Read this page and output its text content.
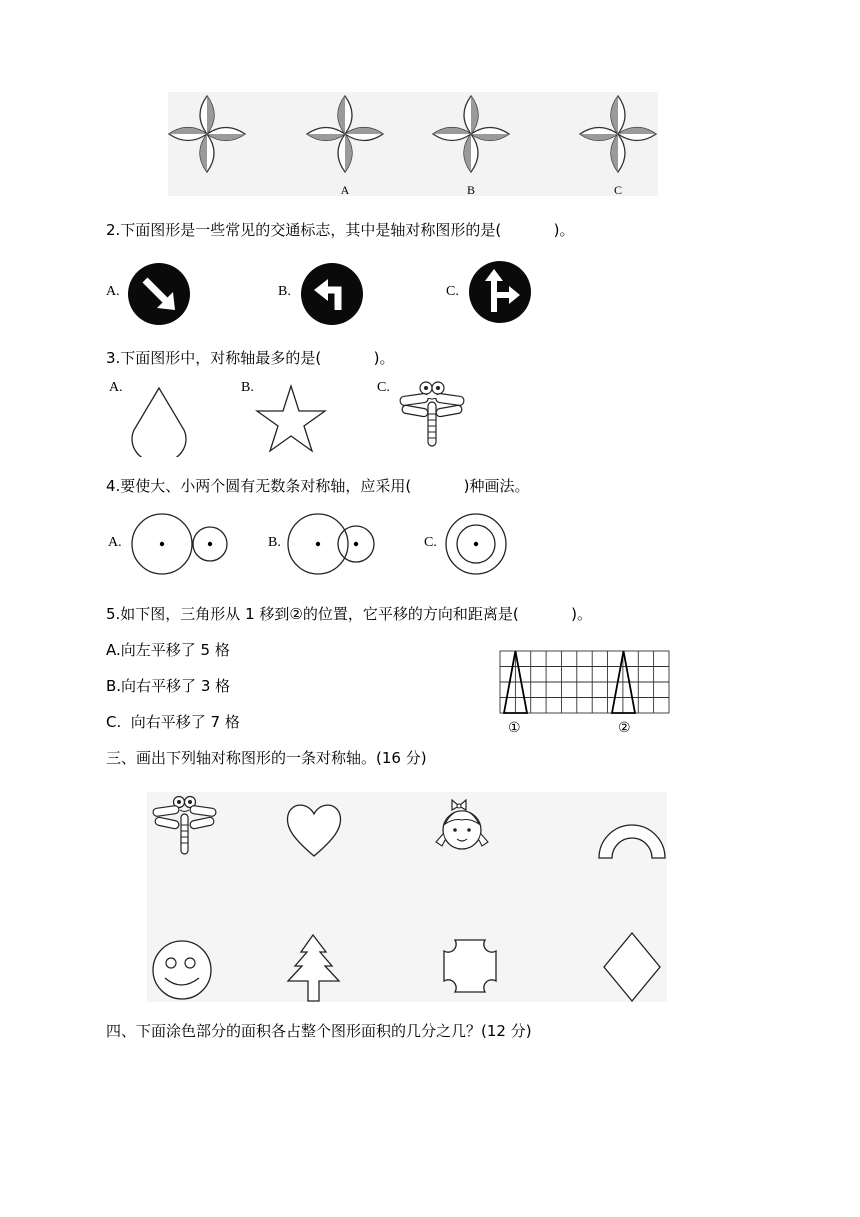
A	B	C
2.下面图形是一些常见的交通标志，其中是轴对称图形的是(           )。
A.	B.	C.
3.下面图形中，对称轴最多的是(           )。
A.	B.	C.
4.要使大、小两个圆有无数条对称轴，应采用(           )种画法。
A.	B.	C.
5.如下图，三角形从 1 移到②的位置，它平移的方向和距离是(           )。
A.向左平移了 5 格
B.向右平移了 3 格
C.  向右平移了 7 格	①	②
三、画出下列轴对称图形的一条对称轴。(16 分)
四、下面涂色部分的面积各占整个图形面积的几分之几？(12 分)
